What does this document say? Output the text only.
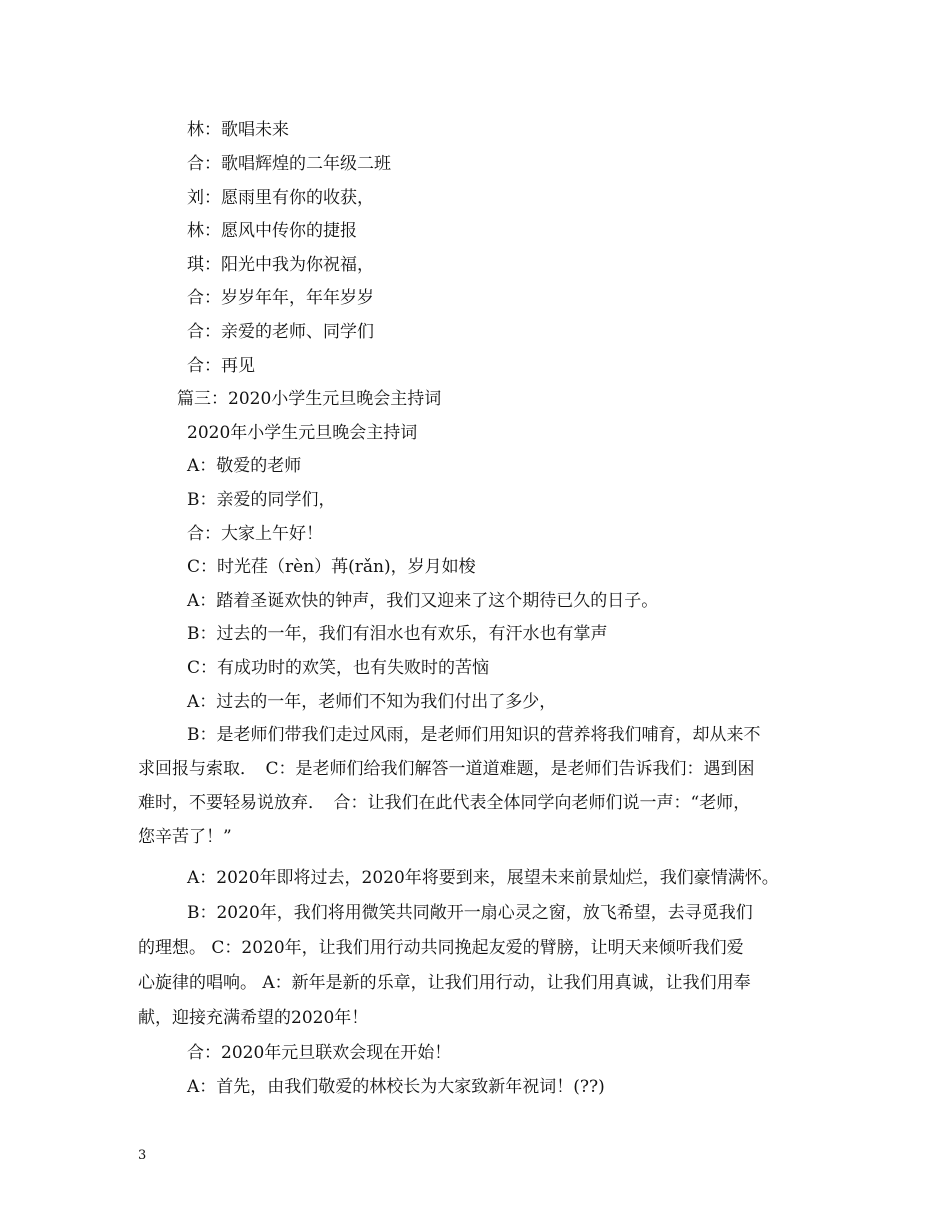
林：歌唱未来
合：歌唱辉煌的二年级二班
刘：愿雨里有你的收获，
林：愿风中传你的捷报
琪：阳光中我为你祝福，
合：岁岁年年，年年岁岁
合：亲爱的老师、同学们
合：再见
篇三：2020小学生元旦晚会主持词
2020年小学生元旦晚会主持词
A：敬爱的老师
B：亲爱的同学们，
合：大家上午好！
C：时光荏（rèn）苒(rǎn)，岁月如梭
A：踏着圣诞欢快的钟声，我们又迎来了这个期待已久的日子。
B：过去的一年，我们有泪水也有欢乐，有汗水也有掌声
C：有成功时的欢笑，也有失败时的苦恼
A：过去的一年，老师们不知为我们付出了多少，
B：是老师们带我们走过风雨，是老师们用知识的营养将我们哺育，却从来不
求回报与索取．　C：是老师们给我们解答一道道难题，是老师们告诉我们：遇到困
难时，不要轻易说放弃．　合：让我们在此代表全体同学向老师们说一声：“老师，
您辛苦了！”
A：2020年即将过去，2020年将要到来，展望未来前景灿烂，我们豪情满怀。
B：2020年，我们将用微笑共同敞开一扇心灵之窗，放飞希望，去寻觅我们
的理想。 C：2020年，让我们用行动共同挽起友爱的臂膀，让明天来倾听我们爱
心旋律的唱响。 A：新年是新的乐章，让我们用行动，让我们用真诚，让我们用奉
献，迎接充满希望的2020年！
合：2020年元旦联欢会现在开始！
A：首先，由我们敬爱的林校长为大家致新年祝词！(??)
3
